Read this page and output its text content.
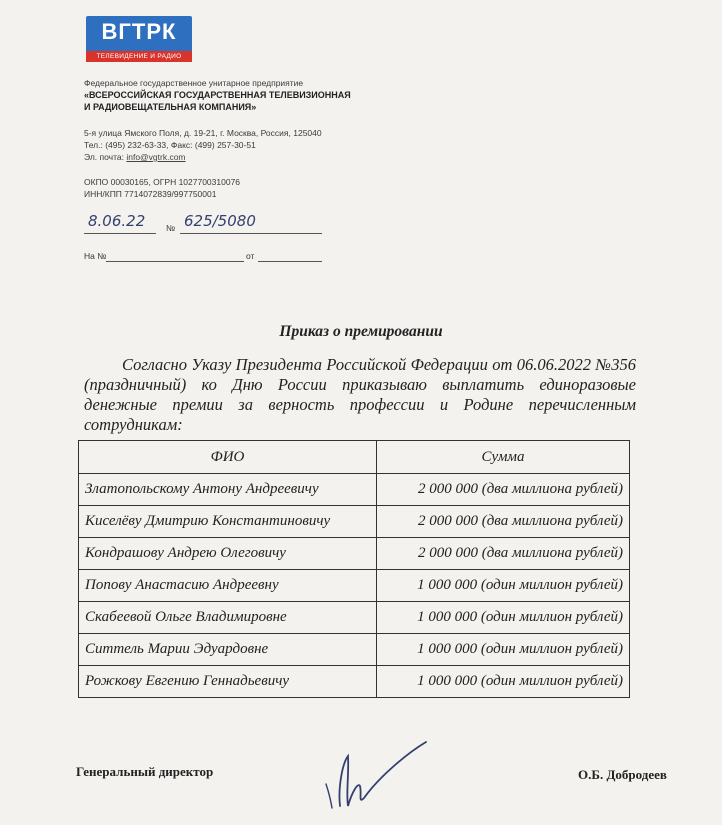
ВГТРК
ТЕЛЕВИДЕНИЕ И РАДИО
Федеральное государственное унитарное предприятие
«ВСЕРОССИЙСКАЯ ГОСУДАРСТВЕННАЯ ТЕЛЕВИЗИОННАЯ
И РАДИОВЕЩАТЕЛЬНАЯ КОМПАНИЯ»
5-я улица Ямского Поля, д. 19-21, г. Москва, Россия, 125040
Тел.: (495) 232-63-33, Факс: (499) 257-30-51
Эл. почта: info@vgtrk.com
ОКПО 00030165, ОГРН 1027700310076
ИНН/КПП 7714072839/997750001
8.06.22 № 625/5080
На №	от
Приказ о премировании
Согласно Указу Президента Российской Федерации от 06.06.2022 №356 (праздничный) ко Дню России приказываю выплатить единоразовые денежные премии за верность профессии и Родине перечисленным сотрудникам:
ФИО	Сумма
Златопольскому Антону Андреевичу	2 000 000 (два миллиона рублей)
Киселёву Дмитрию Константиновичу	2 000 000 (два миллиона рублей)
Кондрашову Андрею Олеговичу	2 000 000 (два миллиона рублей)
Попову Анастасию Андреевну	1 000 000 (один миллион рублей)
Скабеевой Ольге Владимировне	1 000 000 (один миллион рублей)
Ситтель Марии Эдуардовне	1 000 000 (один миллион рублей)
Рожкову Евгению Геннадьевичу	1 000 000 (один миллион рублей)
Генеральный директор	О.Б. Добродеев
